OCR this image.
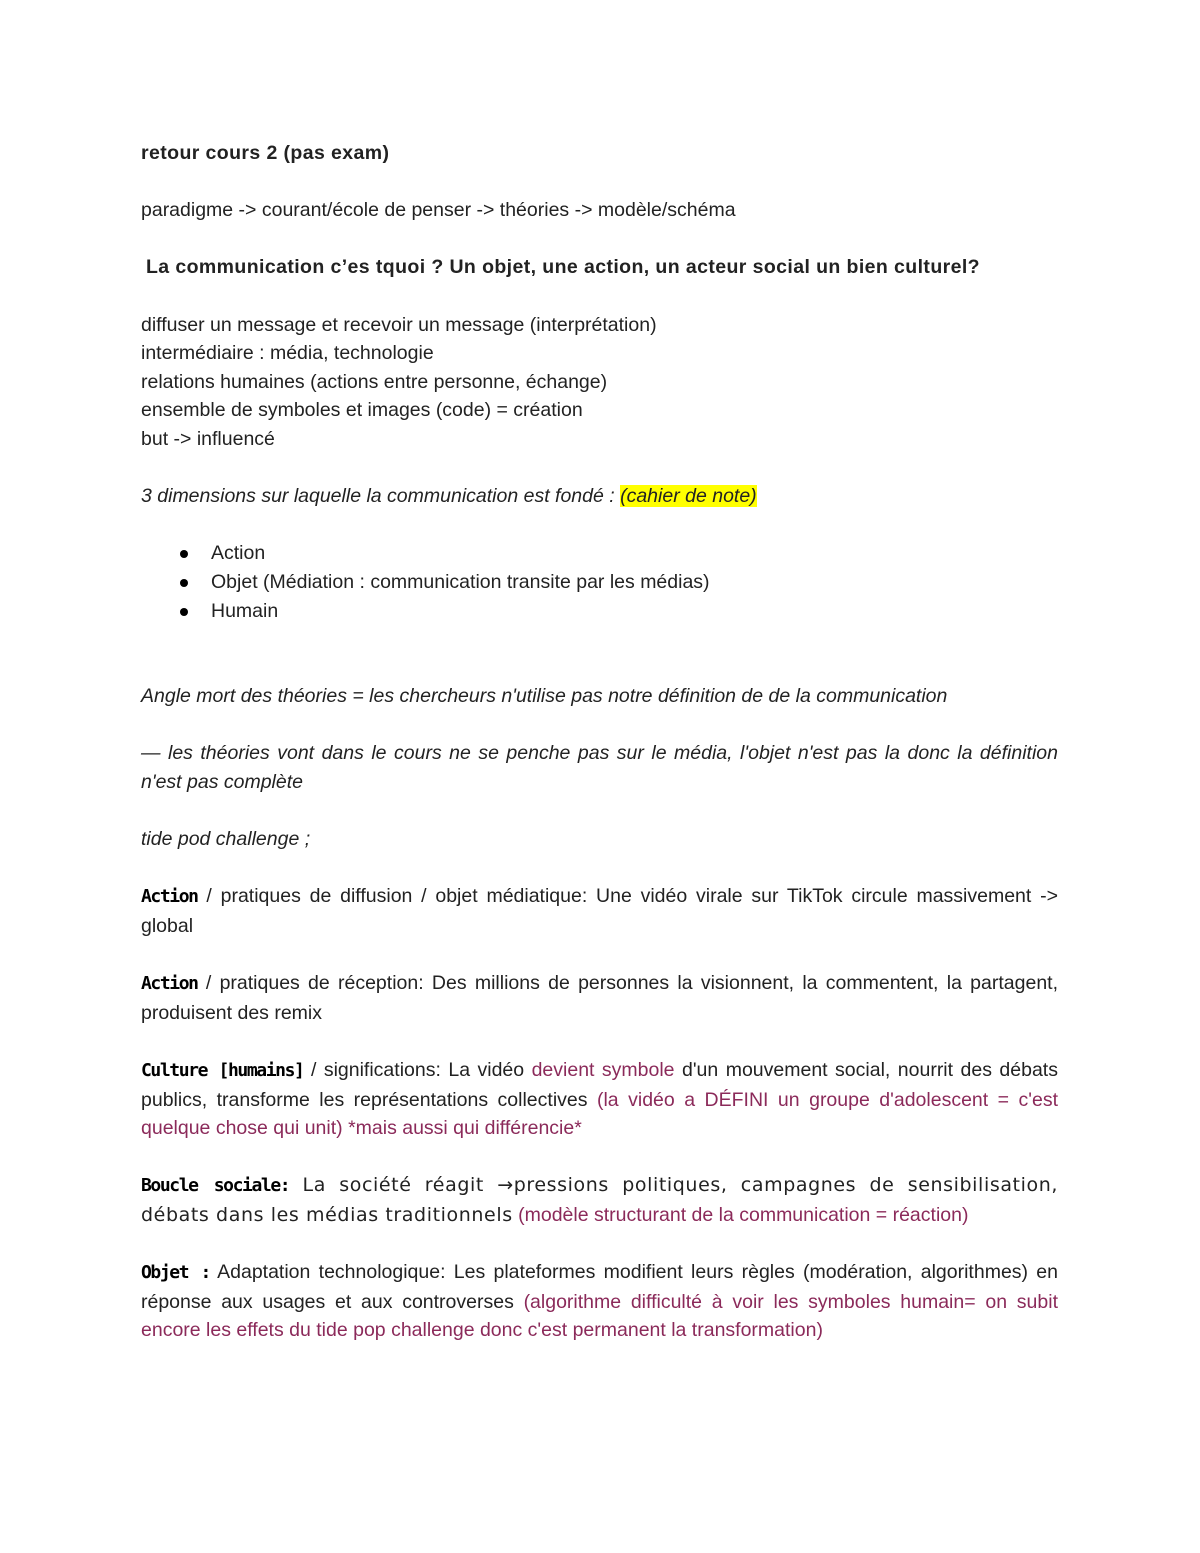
retour cours 2 (pas exam)

paradigme -> courant/école de penser -> théories -> modèle/schéma

La communication c’es tquoi ? Un objet, une action, un acteur social un bien culturel?

diffuser un message et recevoir un message (interprétation)

intermédiaire : média, technologie

relations humaines (actions entre personne, échange)

ensemble de symboles et images (code) = création

but -> influencé

3 dimensions sur laquelle la communication est fondé : (cahier de note)

Action
Objet (Médiation : communication transite par les médias)
Humain

Angle mort des théories = les chercheurs n'utilise pas notre définition de de la communication

— les théories vont dans le cours ne se penche pas sur le média, l'objet n'est pas la donc la définition n'est pas complète

tide pod challenge ;

Action / pratiques de diffusion / objet médiatique: Une vidéo virale sur TikTok circule massivement -> global

Action / pratiques de réception: Des millions de personnes la visionnent, la commentent, la partagent, produisent des remix

Culture [humains] / significations: La vidéo devient symbole d'un mouvement social, nourrit des débats publics, transforme les représentations collectives (la vidéo a DÉFINI un groupe d'adolescent = c'est quelque chose qui unit) *mais aussi qui différencie*

Boucle sociale: La société réagit →pressions politiques, campagnes de sensibilisation, débats dans les médias traditionnels (modèle structurant de la communication = réaction)

Objet : Adaptation technologique: Les plateformes modifient leurs règles (modération, algorithmes) en réponse aux usages et aux controverses (algorithme difficulté à voir les symboles humain= on subit encore les effets du tide pop challenge donc c'est permanent la transformation)
